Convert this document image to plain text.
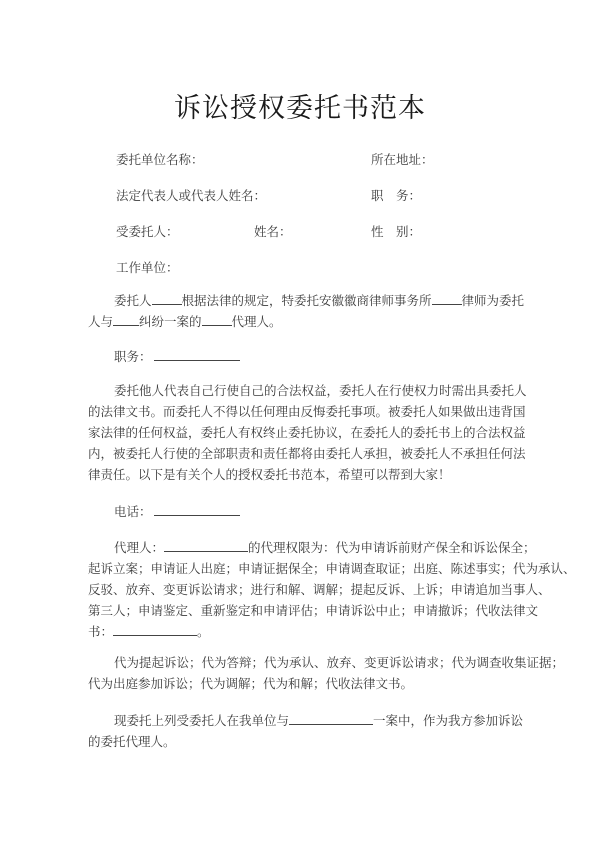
诉讼授权委托书范本
委托单位名称：	所在地址：
法定代表人或代表人姓名：	职　务：
受委托人：	姓名：	性　别：
工作单位：
委托人 根据法律的规定，特委托安徽徽商律师事务所 律师为委托
人与 纠纷一案的 代理人。
职务：
委托他人代表自己行使自己的合法权益，委托人在行使权力时需出具委托人
的法律文书。而委托人不得以任何理由反悔委托事项。被委托人如果做出违背国
家法律的任何权益，委托人有权终止委托协议，在委托人的委托书上的合法权益
内，被委托人行使的全部职责和责任都将由委托人承担，被委托人不承担任何法
律责任。以下是有关个人的授权委托书范本，希望可以帮到大家！
电话：
代理人：	的代理权限为：代为申请诉前财产保全和诉讼保全；
起诉立案；申请证人出庭；申请证据保全；申请调查取证；出庭、陈述事实；代为承认、
反驳、放弃、变更诉讼请求；进行和解、调解；提起反诉、上诉；申请追加当事人、
第三人；申请鉴定、重新鉴定和申请评估；申请诉讼中止；申请撤诉；代收法律文
书：	。
代为提起诉讼；代为答辩；代为承认、放弃、变更诉讼请求；代为调查收集证据；
代为出庭参加诉讼；代为调解；代为和解；代收法律文书。
现委托上列受委托人在我单位与	一案中，作为我方参加诉讼
的委托代理人。
